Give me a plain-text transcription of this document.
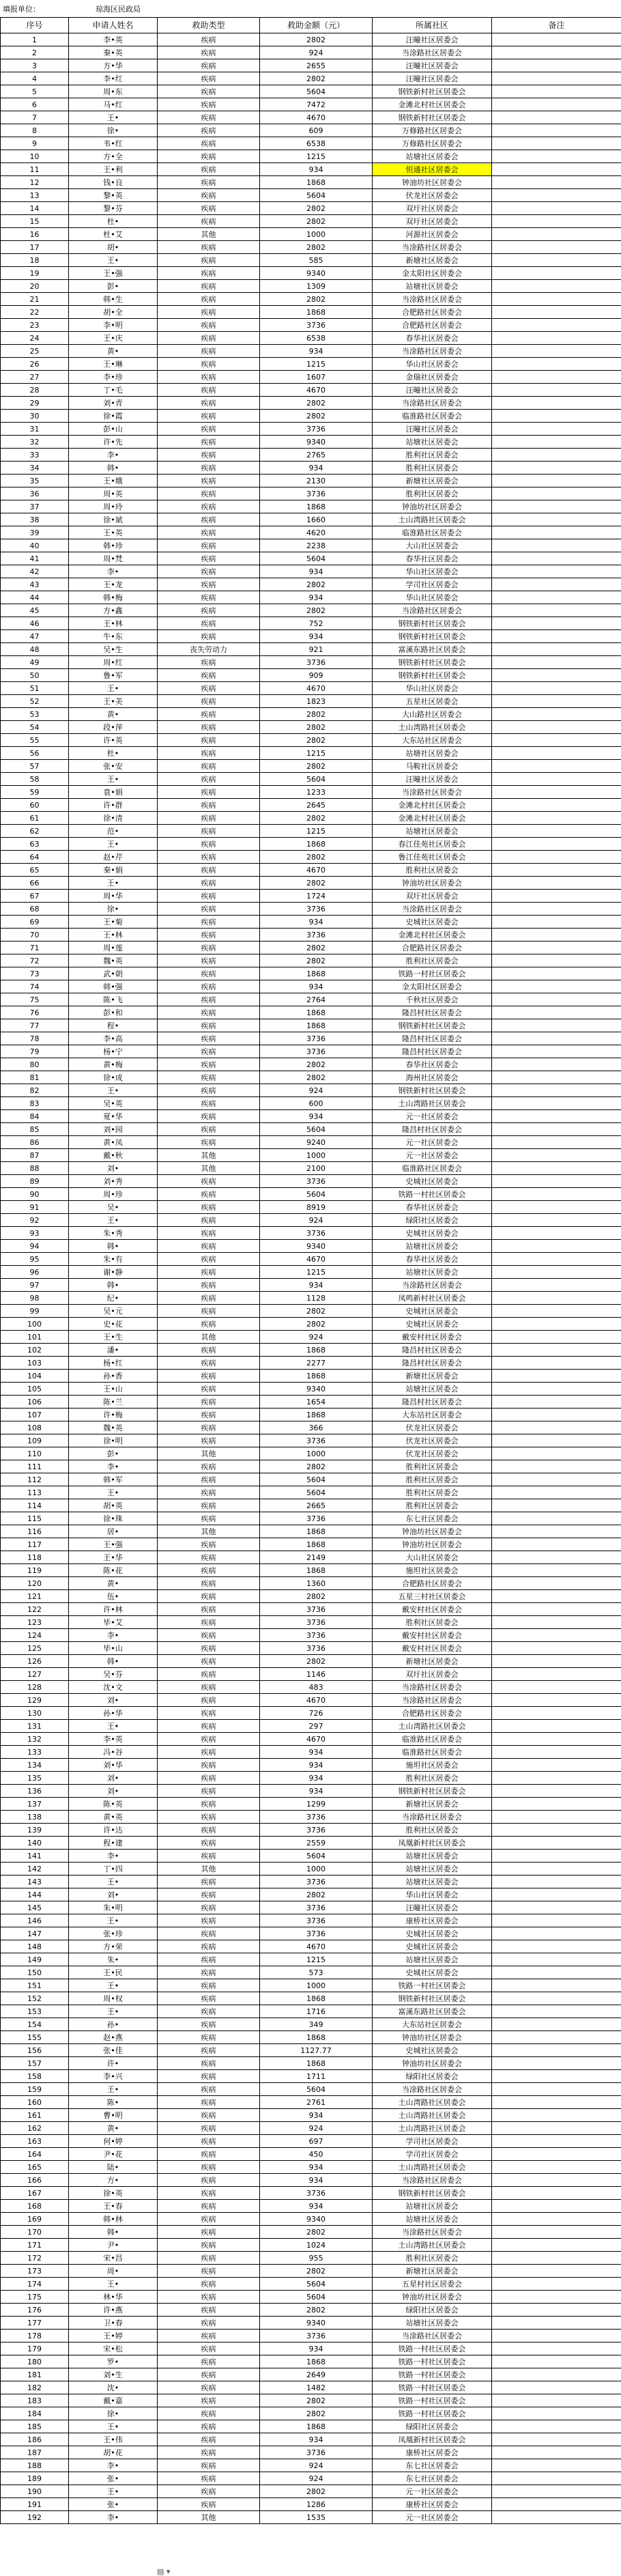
填报单位：	琼海区民政局
序号	申请人姓名	救助类型	救助金额（元）	所属社区	备注
1	李•英	疾病	2802	汪疃社区居委会	
2	秦•英	疾病	924	当涂路社区居委会	
3	方•华	疾病	2655	汪疃社区居委会	
4	李•红	疾病	2802	汪疃社区居委会	
5	周•东	疾病	5604	钢铁新村社区居委会	
6	马•红	疾病	7472	金滩北村社区居委会	
7	王•	疾病	4670	钢铁新村社区居委会	
8	徐•	疾病	609	万修路社区居委会	
9	韦•红	疾病	6538	万修路社区居委会	
10	方•全	疾病	1215	站塘社区居委会	
11	王•利	疾病	934	恒通社区居委会	
12	钱•良	疾病	1868	钟油坊社区居委会	
13	黎•英	疾病	5604	伏龙社区居委会	
14	黎•芬	疾病	2802	双圩社区居委会	
15	杜•	疾病	2802	双圩社区居委会	
16	杜•艾	其他	1000	河源社区居委会	
17	胡•	疾病	2802	当涂路社区居委会	
18	王•	疾病	585	新塘社区居委会	
19	王•强	疾病	9340	金太阳社区居委会	
20	彭•	疾病	1309	站塘社区居委会	
21	韩•生	疾病	2802	当涂路社区居委会	
22	胡•全	疾病	1868	合肥路社区居委会	
23	李•明	疾病	3736	合肥路社区居委会	
24	王•庆	疾病	6538	春华社区居委会	
25	黄•	疾病	934	当涂路社区居委会	
26	王•琳	疾病	1215	华山社区居委会	
27	李•珍	疾病	1607	金瑞社区居委会	
28	丁•毛	疾病	4670	汪疃社区居委会	
29	刘•青	疾病	2802	当涂路社区居委会	
30	徐•霞	疾病	2802	临淮路社区居委会	
31	彭•山	疾病	3736	汪疃社区居委会	
32	许•先	疾病	9340	站塘社区居委会	
33	李•	疾病	2765	胜利社区居委会	
34	韩•	疾病	934	胜利社区居委会	
35	王•娥	疾病	2130	新塘社区居委会	
36	周•英	疾病	3736	胜利社区居委会	
37	周•玲	疾病	1868	钟油坊社区居委会	
38	徐•斌	疾病	1660	土山湾路社区居委会	
39	王•英	疾病	4620	临淮路社区居委会	
40	韩•珍	疾病	2238	大山社区居委会	
41	周•梵	疾病	5604	春华社区居委会	
42	李•	疾病	934	华山社区居委会	
43	王•龙	疾病	2802	学司社区居委会	
44	韩•梅	疾病	934	华山社区居委会	
45	方•鑫	疾病	2802	当涂路社区居委会	
46	王•林	疾病	752	钢铁新村社区居委会	
47	牛•东	疾病	934	钢铁新村社区居委会	
48	吴•生	丧失劳动力	921	富溪东路社区居委会	
49	周•红	疾病	3736	钢铁新村社区居委会	
50	鲁•军	疾病	909	钢铁新村社区居委会	
51	王•	疾病	4670	华山社区居委会	
52	王•美	疾病	1823	五星社区居委会	
53	黄•	疾病	2802	大山路社区居委会	
54	段•萍	疾病	2802	土山湾路社区居委会	
55	许•英	疾病	2802	大东站社区居委会	
56	杜•	疾病	1215	站塘社区居委会	
57	张•安	疾病	2802	马鞍社区居委会	
58	王•	疾病	5604	汪疃社区居委会	
59	袁•娟	疾病	1233	当涂路社区居委会	
60	许•群	疾病	2645	金滩北村社区居委会	
61	徐•清	疾病	2802	金滩北村社区居委会	
62	范•	疾病	1215	站塘社区居委会	
63	王•	疾病	1868	春江佳苑社区居委会	
64	赵•芹	疾病	2802	鲁江佳苑社区居委会	
65	秦•娟	疾病	4670	胜利社区居委会	
66	王•	疾病	2802	钟油坊社区居委会	
67	周•华	疾病	1724	双圩社区居委会	
68	徐•	疾病	3736	当涂路社区居委会	
69	王•菊	疾病	934	史城社区居委会	
70	王•林	疾病	3736	金滩北村社区居委会	
71	周•莲	疾病	2802	合肥路社区居委会	
72	魏•英	疾病	2802	胜利社区居委会	
73	武•朝	疾病	1868	铁路一村社区居委会	
74	韩•强	疾病	934	金太阳社区居委会	
75	陈•飞	疾病	2764	千秋社区居委会	
76	彭•和	疾病	1868	隆昌村社区居委会	
77	程•	疾病	1868	钢铁新村社区居委会	
78	李•高	疾病	3736	隆昌村社区居委会	
79	杨•宁	疾病	3736	隆昌村社区居委会	
80	黄•梅	疾病	2802	春华社区居委会	
81	徐•成	疾病	2802	海州社区居委会	
82	王•	疾病	924	钢铁新村社区居委会	
83	吴•英	疾病	600	土山湾路社区居委会	
84	夏•华	疾病	934	元一社区居委会	
85	刘•园	疾病	5604	隆昌村社区居委会	
86	黄•凤	疾病	9240	元一社区居委会	
87	戴•秋	其他	1000	元一社区居委会	
88	刘•	其他	2100	临淮路社区居委会	
89	刘•秀	疾病	3736	史城社区居委会	
90	周•珍	疾病	5604	铁路一村社区居委会	
91	吴•	疾病	8919	春华社区居委会	
92	王•	疾病	924	绿阳社区居委会	
93	朱•秀	疾病	3736	史城社区居委会	
94	韩•	疾病	9340	站塘社区居委会	
95	朱•有	疾病	4670	春华社区居委会	
96	谢•静	疾病	1215	站塘社区居委会	
97	韩•	疾病	934	当涂路社区居委会	
98	纪•	疾病	1128	凤鸣新村社区居委会	
99	吴•元	疾病	2802	史城社区居委会	
100	史•花	疾病	2802	史城社区居委会	
101	王•生	其他	924	戴安村社区居委会	
102	潘•	疾病	1868	隆昌村社区居委会	
103	杨•红	疾病	2277	隆昌村社区居委会	
104	孙•香	疾病	1868	新塘社区居委会	
105	王•山	疾病	9340	站塘社区居委会	
106	陈•兰	疾病	1654	隆昌村社区居委会	
107	许•梅	疾病	1868	大东站社区居委会	
108	魏•英	疾病	366	伏龙社区居委会	
109	徐•明	疾病	3736	伏龙社区居委会	
110	彭•	其他	1000	伏龙社区居委会	
111	李•	疾病	2802	胜利社区居委会	
112	韩•军	疾病	5604	胜利社区居委会	
113	王•	疾病	5604	胜利社区居委会	
114	胡•英	疾病	2665	胜利社区居委会	
115	徐•珠	疾病	3736	东七社区居委会	
116	居•	其他	1868	钟油坊社区居委会	
117	王•强	疾病	1868	钟油坊社区居委会	
118	王•华	疾病	2149	大山社区居委会	
119	陈•花	疾病	1868	施坦社区居委会	
120	黄•	疾病	1360	合肥路社区居委会	
121	伍•	疾病	2802	五星三村社区居委会	
122	许•林	疾病	3736	戴安村社区居委会	
123	毕•艾	疾病	3736	胜利社区居委会	
124	李•	疾病	3736	戴安村社区居委会	
125	毕•山	疾病	3736	戴安村社区居委会	
126	韩•	疾病	2802	新塘社区居委会	
127	吴•芬	疾病	1146	双圩社区居委会	
128	沈•文	疾病	483	当涂路社区居委会	
129	刘•	疾病	4670	当涂路社区居委会	
130	孙•华	疾病	726	合肥路社区居委会	
131	王•	疾病	297	土山湾路社区居委会	
132	李•英	疾病	4670	临淮路社区居委会	
133	冯•谷	疾病	934	临淮路社区居委会	
134	刘•华	疾病	934	施坦社区居委会	
135	刘•	疾病	934	胜利社区居委会	
136	刘•	疾病	934	钢铁新村社区居委会	
137	陈•英	疾病	1299	新塘社区居委会	
138	黄•英	疾病	3736	当涂路社区居委会	
139	许•达	疾病	3736	胜利社区居委会	
140	程•建	疾病	2559	凤凰新村社区居委会	
141	李•	疾病	5604	站塘社区居委会	
142	丁•四	其他	1000	站塘社区居委会	
143	王•	疾病	3736	站塘社区居委会	
144	刘•	疾病	2802	华山社区居委会	
145	朱•明	疾病	3736	汪疃社区居委会	
146	王•	疾病	3736	康桥社区居委会	
147	张•珍	疾病	3736	史城社区居委会	
148	方•荣	疾病	4670	史城社区居委会	
149	朱•	疾病	1215	站塘社区居委会	
150	王•民	疾病	573	史城社区居委会	
151	王•	疾病	1000	铁路一村社区居委会	
152	周•权	疾病	1868	钢铁新村社区居委会	
153	王•	疾病	1716	富溪东路社区居委会	
154	孙•	疾病	349	大东站社区居委会	
155	赵•燕	疾病	1868	钟油坊社区居委会	
156	张•佳	疾病	1127.77	史城社区居委会	
157	许•	疾病	1868	钟油坊社区居委会	
158	李•兴	疾病	1711	绿阳社区居委会	
159	王•	疾病	5604	当涂路社区居委会	
160	陈•	疾病	2761	土山湾路社区居委会	
161	曹•明	疾病	934	土山湾路社区居委会	
162	黄•	疾病	924	土山湾路社区居委会	
163	何•婷	疾病	697	学司社区居委会	
164	尹•花	疾病	450	学司社区居委会	
165	陆•	疾病	934	土山湾路社区居委会	
166	方•	疾病	934	当涂路社区居委会	
167	徐•英	疾病	3736	钢铁新村社区居委会	
168	王•春	疾病	934	站塘社区居委会	
169	韩•林	疾病	9340	站塘社区居委会	
170	韩•	疾病	2802	当涂路社区居委会	
171	尹•	疾病	1024	土山湾路社区居委会	
172	宋•昌	疾病	955	胜利社区居委会	
173	周•	疾病	2802	新塘社区居委会	
174	王•	疾病	5604	五星村社区居委会	
175	林•华	疾病	5604	钟油坊社区居委会	
176	许•燕	疾病	2802	绿阳社区居委会	
177	卫•春	疾病	9340	站塘社区居委会	
178	王•婷	疾病	3736	当涂路社区居委会	
179	宋•松	疾病	934	铁路一村社区居委会	
180	罗•	疾病	1868	铁路一村社区居委会	
181	刘•生	疾病	2649	铁路一村社区居委会	
182	沈•	疾病	1482	铁路一村社区居委会	
183	戴•嘉	疾病	2802	铁路一村社区居委会	
184	徐•	疾病	2802	铁路一村社区居委会	
185	王•	疾病	1868	绿阳社区居委会	
186	王•伟	疾病	934	凤凰新村社区居委会	
187	胡•花	疾病	3736	康桥社区居委会	
188	李•	疾病	924	东七社区居委会	
189	张•	疾病	924	东七社区居委会	
190	王•	疾病	2802	元一社区居委会	
191	张•	疾病	1286	康桥社区居委会	
192	李•	其他	1535	元一社区居委会	
▤ ▾
